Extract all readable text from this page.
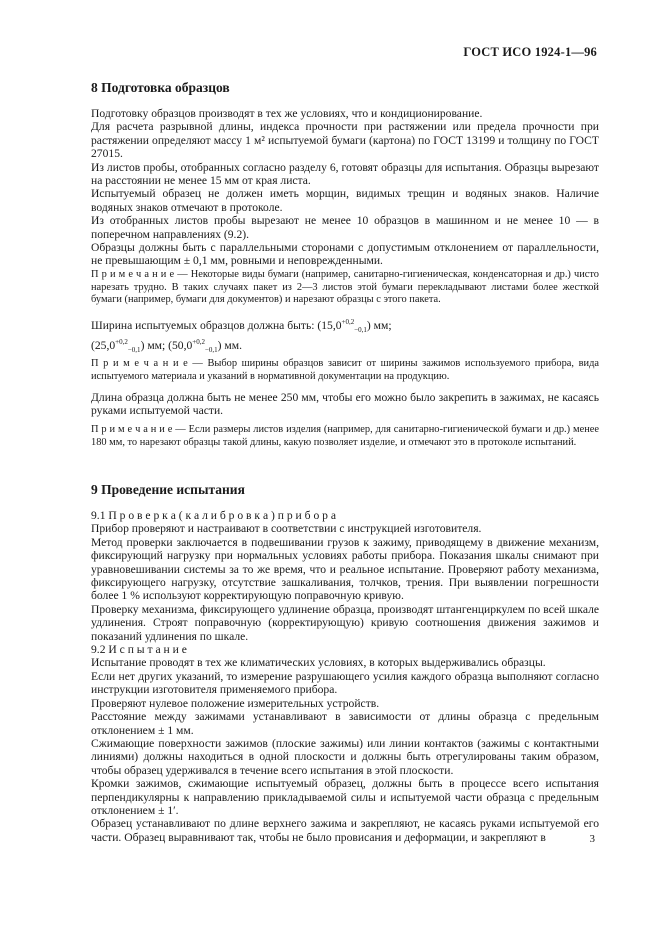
ГОСТ ИСО 1924-1—96
8 Подготовка образцов

Подготовку образцов производят в тех же условиях, что и кондиционирование.

Для расчета разрывной длины, индекса прочности при растяжении или предела прочности при растяжении определяют массу 1 м² испытуемой бумаги (картона) по ГОСТ 13199 и толщину по ГОСТ 27015.

Из листов пробы, отобранных согласно разделу 6, готовят образцы для испытания. Образцы вырезают на расстоянии не менее 15 мм от края листа.

Испытуемый образец не должен иметь морщин, видимых трещин и водяных знаков. Наличие водяных знаков отмечают в протоколе.

Из отобранных листов пробы вырезают не менее 10 образцов в машинном и не менее 10 — в поперечном направлениях (9.2).

Образцы должны быть с параллельными сторонами с допустимым отклонением от параллельности, не превышающим ± 0,1 мм, ровными и неповрежденными.

П р и м е ч а н и е — Некоторые виды бумаги (например, санитарно-гигиеническая, конденсаторная и др.) чисто нарезать трудно. В таких случаях пакет из 2—3 листов этой бумаги перекладывают листами более жесткой бумаги (например, бумаги для документов) и нарезают образцы с этого пакета.
Ширина испытуемых образцов должна быть: $(15,0^{+0,2}_{-0,1})$ мм;
$(25,0^{+0,2}_{-0,1})$ мм; $(50,0^{+0,2}_{-0,1})$ мм.
П р и м е ч а н и е — Выбор ширины образцов зависит от ширины зажимов используемого прибора, вида испытуемого материала и указаний в нормативной документации на продукцию.
Длина образца должна быть не менее 250 мм, чтобы его можно было закрепить в зажимах, не касаясь руками испытуемой части.
П р и м е ч а н и е — Если размеры листов изделия (например, для санитарно-гигиенической бумаги и др.) менее 180 мм, то нарезают образцы такой длины, какую позволяет изделие, и отмечают это в протоколе испытаний.
9 Проведение испытания

9.1 П р о в е р к а ( к а л и б р о в к а ) п р и б о р а

Прибор проверяют и настраивают в соответствии с инструкцией изготовителя.

Метод проверки заключается в подвешивании грузов к зажиму, приводящему в движение механизм, фиксирующий нагрузку при нормальных условиях работы прибора. Показания шкалы снимают при уравновешивании системы за то же время, что и реальное испытание. Проверяют работу механизма, фиксирующего нагрузку, отсутствие зашкаливания, толчков, трения. При выявлении погрешности более 1 % используют корректирующую поправочную кривую.

Проверку механизма, фиксирующего удлинение образца, производят штангенциркулем по всей шкале удлинения. Строят поправочную (корректирующую) кривую соотношения движения зажимов и показаний удлинения по шкале.

9.2 И с п ы т а н и е

Испытание проводят в тех же климатических условиях, в которых выдерживались образцы.

Если нет других указаний, то измерение разрушающего усилия каждого образца выполняют согласно инструкции изготовителя применяемого прибора.

Проверяют нулевое положение измерительных устройств.

Расстояние между зажимами устанавливают в зависимости от длины образца с предельным отклонением ± 1 мм.

Сжимающие поверхности зажимов (плоские зажимы) или линии контактов (зажимы с контактными линиями) должны находиться в одной плоскости и должны быть отрегулированы таким образом, чтобы образец удерживался в течение всего испытания в этой плоскости.

Кромки зажимов, сжимающие испытуемый образец, должны быть в процессе всего испытания перпендикулярны к направлению прикладываемой силы и испытуемой части образца с предельным отклонением ± 1′.

Образец устанавливают по длине верхнего зажима и закрепляют, не касаясь руками испытуемой его части. Образец выравнивают так, чтобы не было провисания и деформации, и закрепляют в	3
